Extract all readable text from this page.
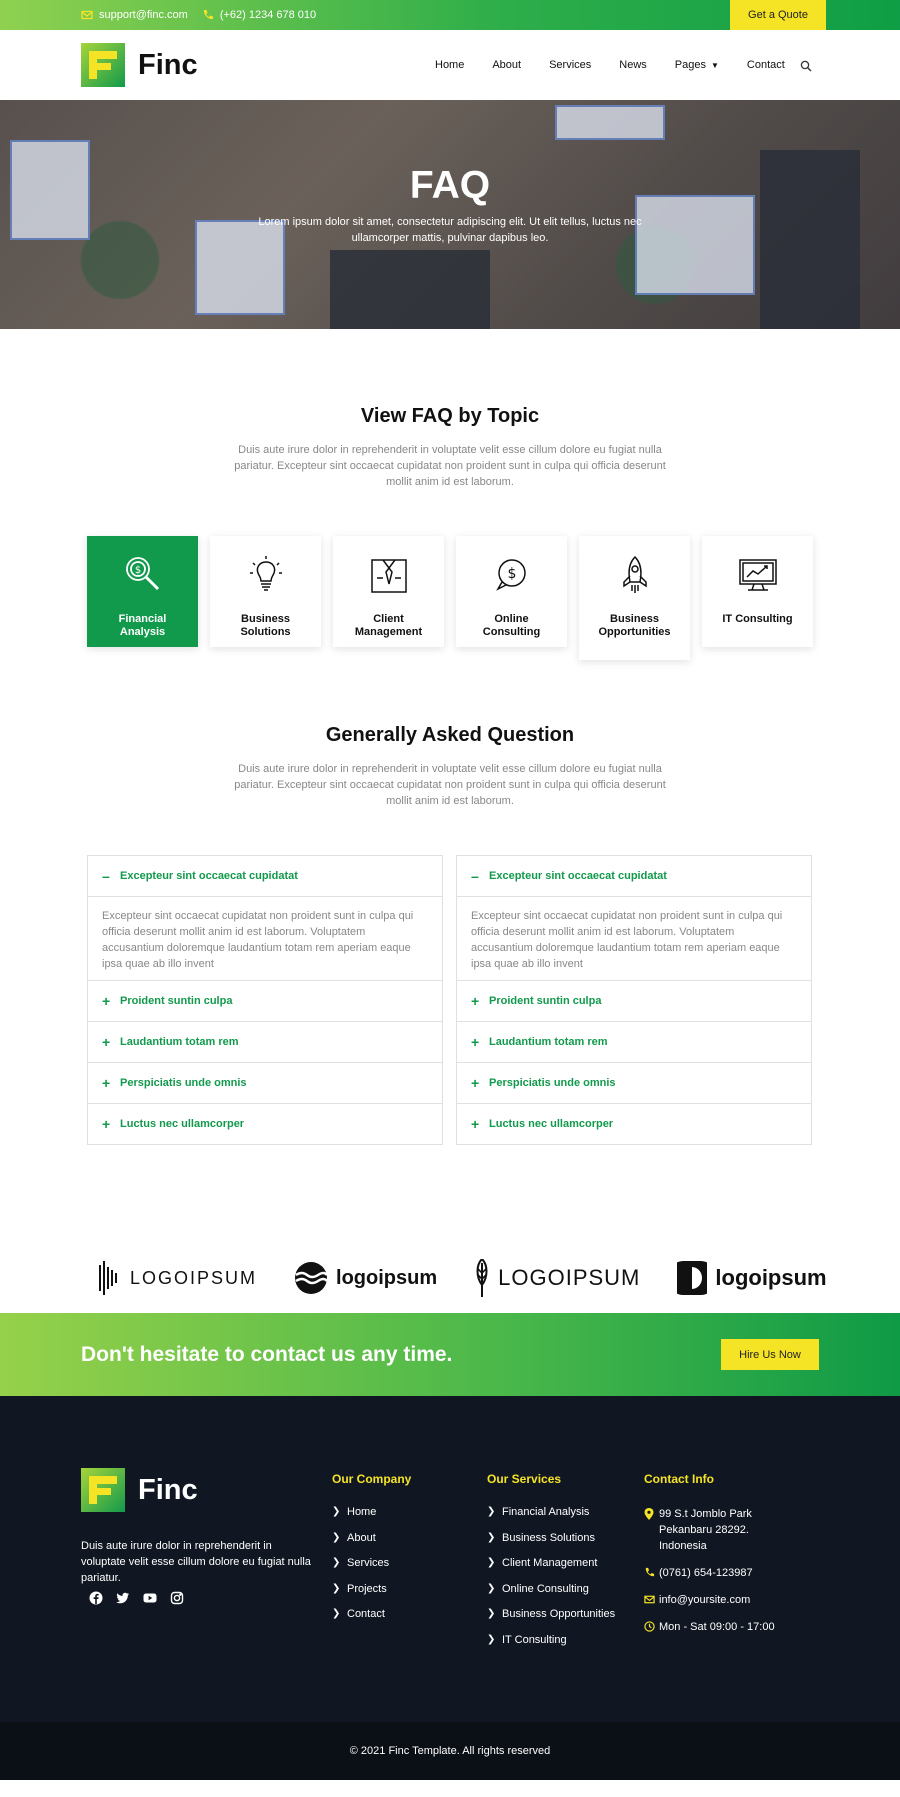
support@finc.com	(+62) 1234 678 010	Get a Quote
Finc	Home	About	Services	News	Pages ▼	Contact
FAQ
Lorem ipsum dolor sit amet, consectetur adipiscing elit. Ut elit tellus, luctus nec ullamcorper mattis, pulvinar dapibus leo.
View FAQ by Topic
Duis aute irure dolor in reprehenderit in voluptate velit esse cillum dolore eu fugiat nulla pariatur. Excepteur sint occaecat cupidatat non proident sunt in culpa qui officia deserunt mollit anim id est laborum.
$
Financial Analysis
Business Solutions
Client Management
$
Online Consulting
Business Opportunities
IT Consulting
Generally Asked Question
Duis aute irure dolor in reprehenderit in voluptate velit esse cillum dolore eu fugiat nulla pariatur. Excepteur sint occaecat cupidatat non proident sunt in culpa qui officia deserunt mollit anim id est laborum.
– Excepteur sint occaecat cupidatat
Excepteur sint occaecat cupidatat non proident sunt in culpa qui officia deserunt mollit anim id est laborum. Voluptatem accusantium doloremque laudantium totam rem aperiam eaque ipsa quae ab illo invent
+ Proident suntin culpa
+ Laudantium totam rem
+ Perspiciatis unde omnis
+ Luctus nec ullamcorper
– Excepteur sint occaecat cupidatat
Excepteur sint occaecat cupidatat non proident sunt in culpa qui officia deserunt mollit anim id est laborum. Voluptatem accusantium doloremque laudantium totam rem aperiam eaque ipsa quae ab illo invent
+ Proident suntin culpa
+ Laudantium totam rem
+ Perspiciatis unde omnis
+ Luctus nec ullamcorper
LOGOIPSUM	logoipsum	LOGOIPSUM	logoipsum
Don't hesitate to contact us any time.	Hire Us Now
Finc
Duis aute irure dolor in reprehenderit in voluptate velit esse cillum dolore eu fugiat nulla pariatur.
Our Company
❯ Home
❯ About
❯ Services
❯ Projects
❯ Contact
Our Services
❯ Financial Analysis
❯ Business Solutions
❯ Client Management
❯ Online Consulting
❯ Business Opportunities
❯ IT Consulting
Contact Info
99 S.t Jomblo Park Pekanbaru 28292. Indonesia
(0761) 654-123987
info@yoursite.com
Mon - Sat 09:00 - 17:00
© 2021 Finc Template. All rights reserved
